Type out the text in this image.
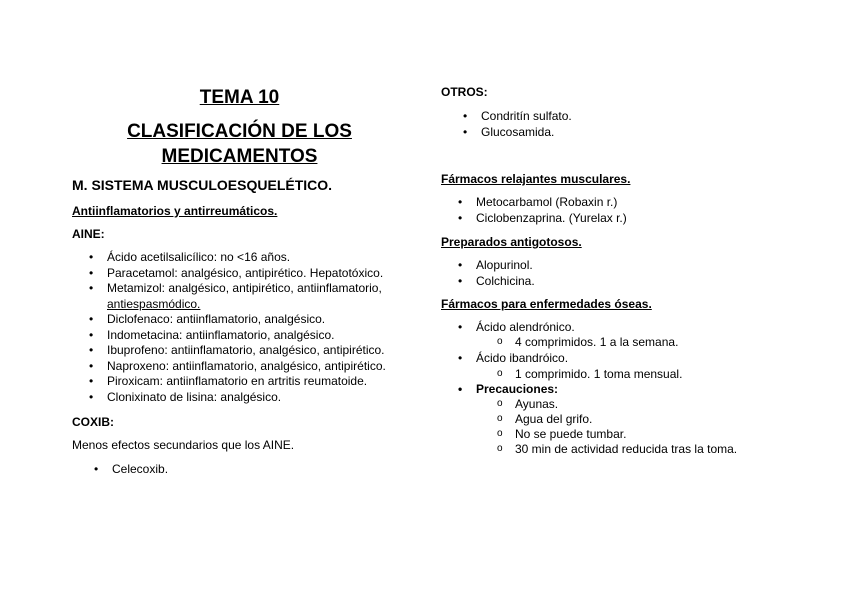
TEMA 10
CLASIFICACIÓN DE LOS
MEDICAMENTOS
M. SISTEMA MUSCULOESQUELÉTICO.
Antiinflamatorios y antirreumáticos.
AINE:
• Ácido acetilsalicílico: no <16 años.
• Paracetamol: analgésico, antipirético. Hepatotóxico.
• Metamizol: analgésico, antipirético, antiinflamatorio,
antiespasmódico.
• Diclofenaco: antiinflamatorio, analgésico.
• Indometacina: antiinflamatorio, analgésico.
• Ibuprofeno: antiinflamatorio, analgésico, antipirético.
• Naproxeno: antiinflamatorio, analgésico, antipirético.
• Piroxicam: antiinflamatorio en artritis reumatoide.
• Clonixinato de lisina: analgésico.
COXIB:
Menos efectos secundarios que los AINE.
• Celecoxib.
OTROS:
• Condritín sulfato.
• Glucosamida.
Fármacos relajantes musculares.
• Metocarbamol (Robaxin r.)
• Ciclobenzaprina. (Yurelax r.)
Preparados antigotosos.
• Alopurinol.
• Colchicina.
Fármacos para enfermedades óseas.
• Ácido alendrónico.
o 4 comprimidos. 1 a la semana.
• Ácido ibandróico.
o 1 comprimido. 1 toma mensual.
• Precauciones:
o Ayunas.
o Agua del grifo.
o No se puede tumbar.
o 30 min de actividad reducida tras la toma.
